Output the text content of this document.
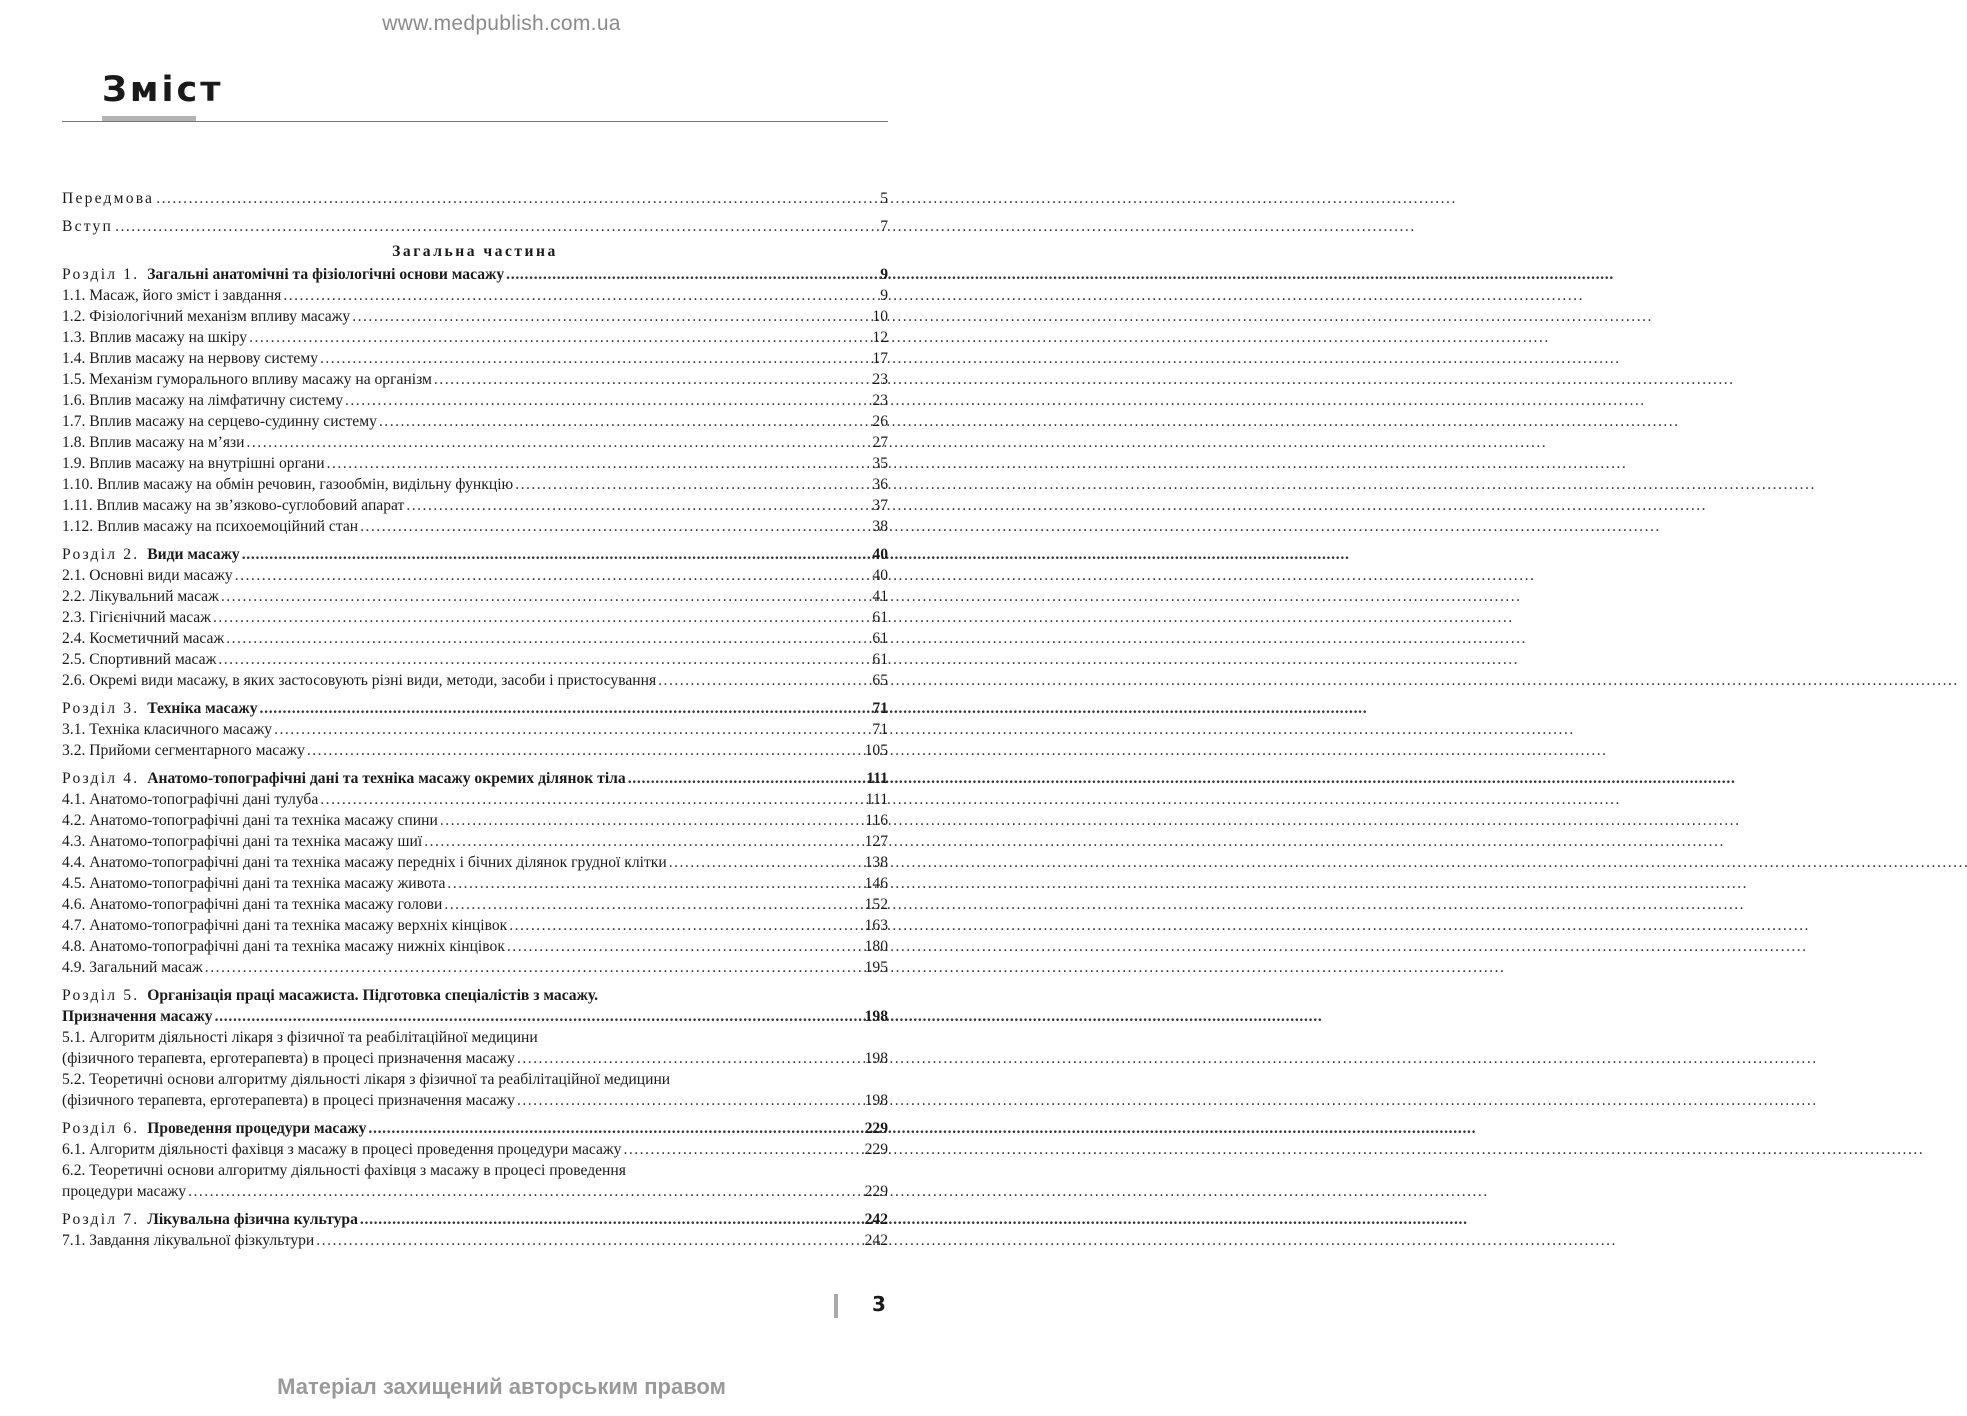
www.medpublish.com.ua
Зміст
Передмова . . .	5
Вступ . . .	7
Загальна частина
Розділ 1. Загальні анатомічні та фізіологічні основи масажу . . .	9
1.1. Масаж, його зміст і завдання . . .	9
1.2. Фізіологічний механізм впливу масажу . . .	10
1.3. Вплив масажу на шкіру . . .	12
1.4. Вплив масажу на нервову систему . . .	17
1.5. Механізм гуморального впливу масажу на організм . . .	23
1.6. Вплив масажу на лімфатичну систему . . .	23
1.7. Вплив масажу на серцево-судинну систему . . .	26
1.8. Вплив масажу на м’язи . . .	27
1.9. Вплив масажу на внутрішні органи . . .	35
1.10. Вплив масажу на обмін речовин, газообмін, видільну функцію . . .	36
1.11. Вплив масажу на зв’язково-суглобовий апарат . . .	37
1.12. Вплив масажу на психоемоційний стан . . .	38
Розділ 2. Види масажу . . .	40
2.1. Основні види масажу . . .	40
2.2. Лікувальний масаж . . .	41
2.3. Гігієнічний масаж . . .	61
2.4. Косметичний масаж . . .	61
2.5. Спортивний масаж . . .	61
2.6. Окремі види масажу, в яких застосовують різні види, методи, засоби і пристосування . . .	65
Розділ 3. Техніка масажу . . .	71
3.1. Техніка класичного масажу . . .	71
3.2. Прийоми сегментарного масажу . . .	105
Розділ 4. Анатомо-топографічні дані та техніка масажу окремих ділянок тіла . . .	111
4.1. Анатомо-топографічні дані тулуба . . .	111
4.2. Анатомо-топографічні дані та техніка масажу спини . . .	116
4.3. Анатомо-топографічні дані та техніка масажу шиї . . .	127
4.4. Анатомо-топографічні дані та техніка масажу передніх і бічних ділянок грудної клітки . . .	138
4.5. Анатомо-топографічні дані та техніка масажу живота . . .	146
4.6. Анатомо-топографічні дані та техніка масажу голови . . .	152
4.7. Анатомо-топографічні дані та техніка масажу верхніх кінцівок . . .	163
4.8. Анатомо-топографічні дані та техніка масажу нижніх кінцівок . . .	180
4.9. Загальний масаж . . .	195
Розділ 5. Організація праці масажиста. Підготовка спеціалістів з масажу.
Призначення масажу . . .	198
5.1. Алгоритм діяльності лікаря з фізичної та реабілітаційної медицини
(фізичного терапевта, ерготерапевта) в процесі призначення масажу . . .	198
5.2. Теоретичні основи алгоритму діяльності лікаря з фізичної та реабілітаційної медицини
(фізичного терапевта, ерготерапевта) в процесі призначення масажу . . .	198
Розділ 6. Проведення процедури масажу . . .	229
6.1. Алгоритм діяльності фахівця з масажу в процесі проведення процедури масажу . . .	229
6.2. Теоретичні основи алгоритму діяльності фахівця з масажу в процесі проведення
процедури масажу . . .	229
Розділ 7. Лікувальна фізична культура . . .	242
7.1. Завдання лікувальної фізкультури . . .	242
3
Матеріал захищений авторським правом
